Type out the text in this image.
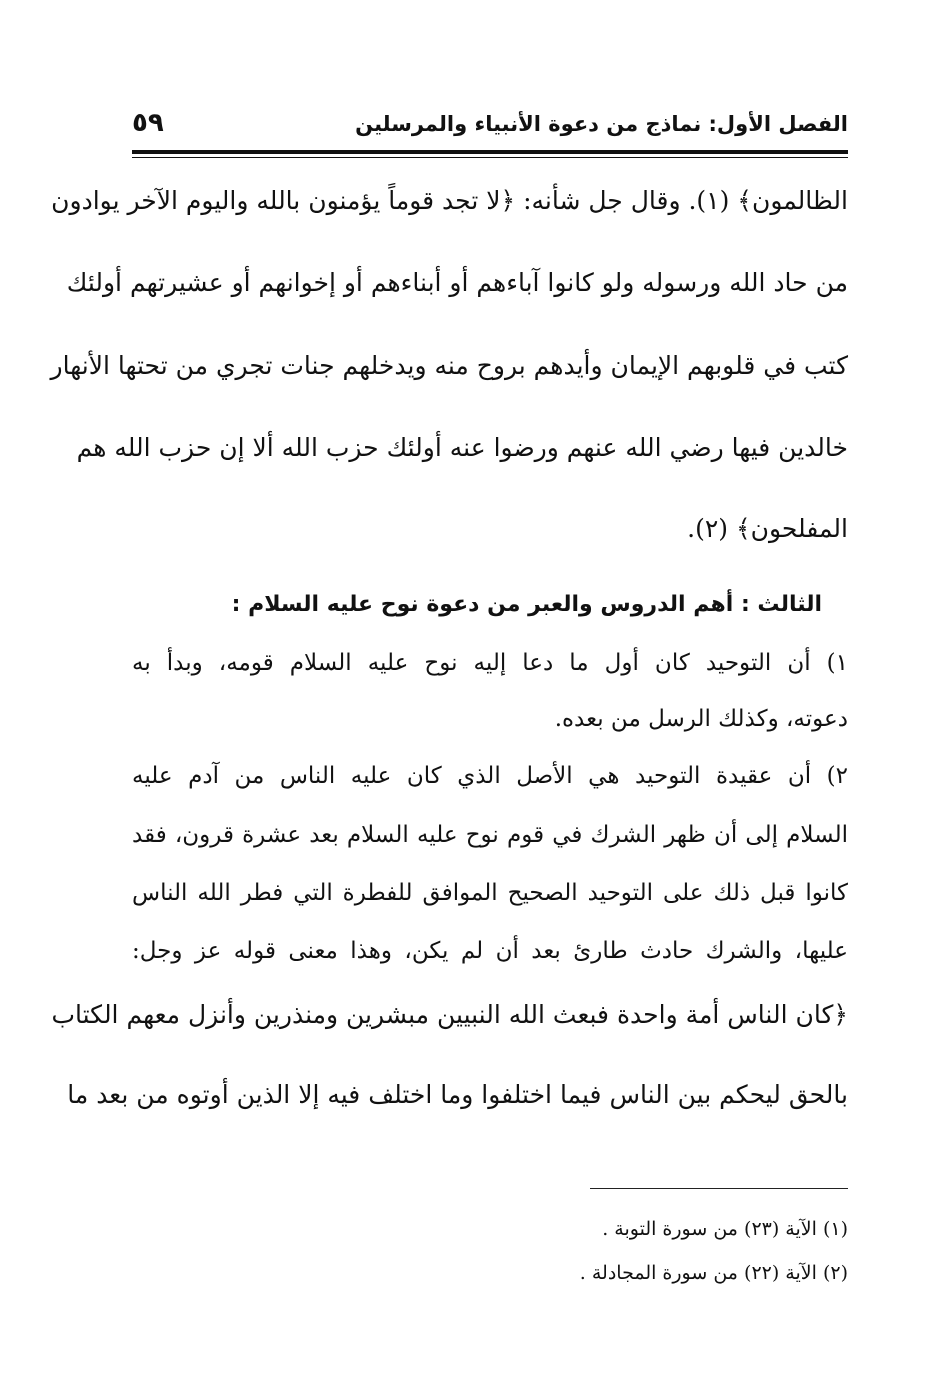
الفصل الأول: نماذج من دعوة الأنبياء والمرسلين
٥٩
الظالمون﴾ (١). وقال جل شأنه: ﴿لا تجد قوماً يؤمنون بالله واليوم الآخر يوادون
من حاد الله ورسوله ولو كانوا آباءهم أو أبناءهم أو إخوانهم أو عشيرتهم أولئك
كتب في قلوبهم الإيمان وأيدهم بروح منه ويدخلهم جنات تجري من تحتها الأنهار
خالدين فيها رضي الله عنهم ورضوا عنه أولئك حزب الله ألا إن حزب الله هم
المفلحون﴾ (٢).
الثالث : أهم الدروس والعبر من دعوة نوح عليه السلام :
١) أن التوحيد كان أول ما دعا إليه نوح عليه السلام قومه، وبدأ به
دعوته، وكذلك الرسل من بعده.
٢) أن عقيدة التوحيد هي الأصل الذي كان عليه الناس من آدم عليه
السلام إلى أن ظهر الشرك في قوم نوح عليه السلام بعد عشرة قرون، فقد
كانوا قبل ذلك على التوحيد الصحيح الموافق للفطرة التي فطر الله الناس
عليها، والشرك حادث طارئ بعد أن لم يكن، وهذا معنى قوله عز وجل:
﴿كان الناس أمة واحدة فبعث الله النبيين مبشرين ومنذرين وأنزل معهم الكتاب
بالحق ليحكم بين الناس فيما اختلفوا وما اختلف فيه إلا الذين أوتوه من بعد ما
(١) الآية (٢٣) من سورة التوبة .
(٢) الآية (٢٢) من سورة المجادلة .
